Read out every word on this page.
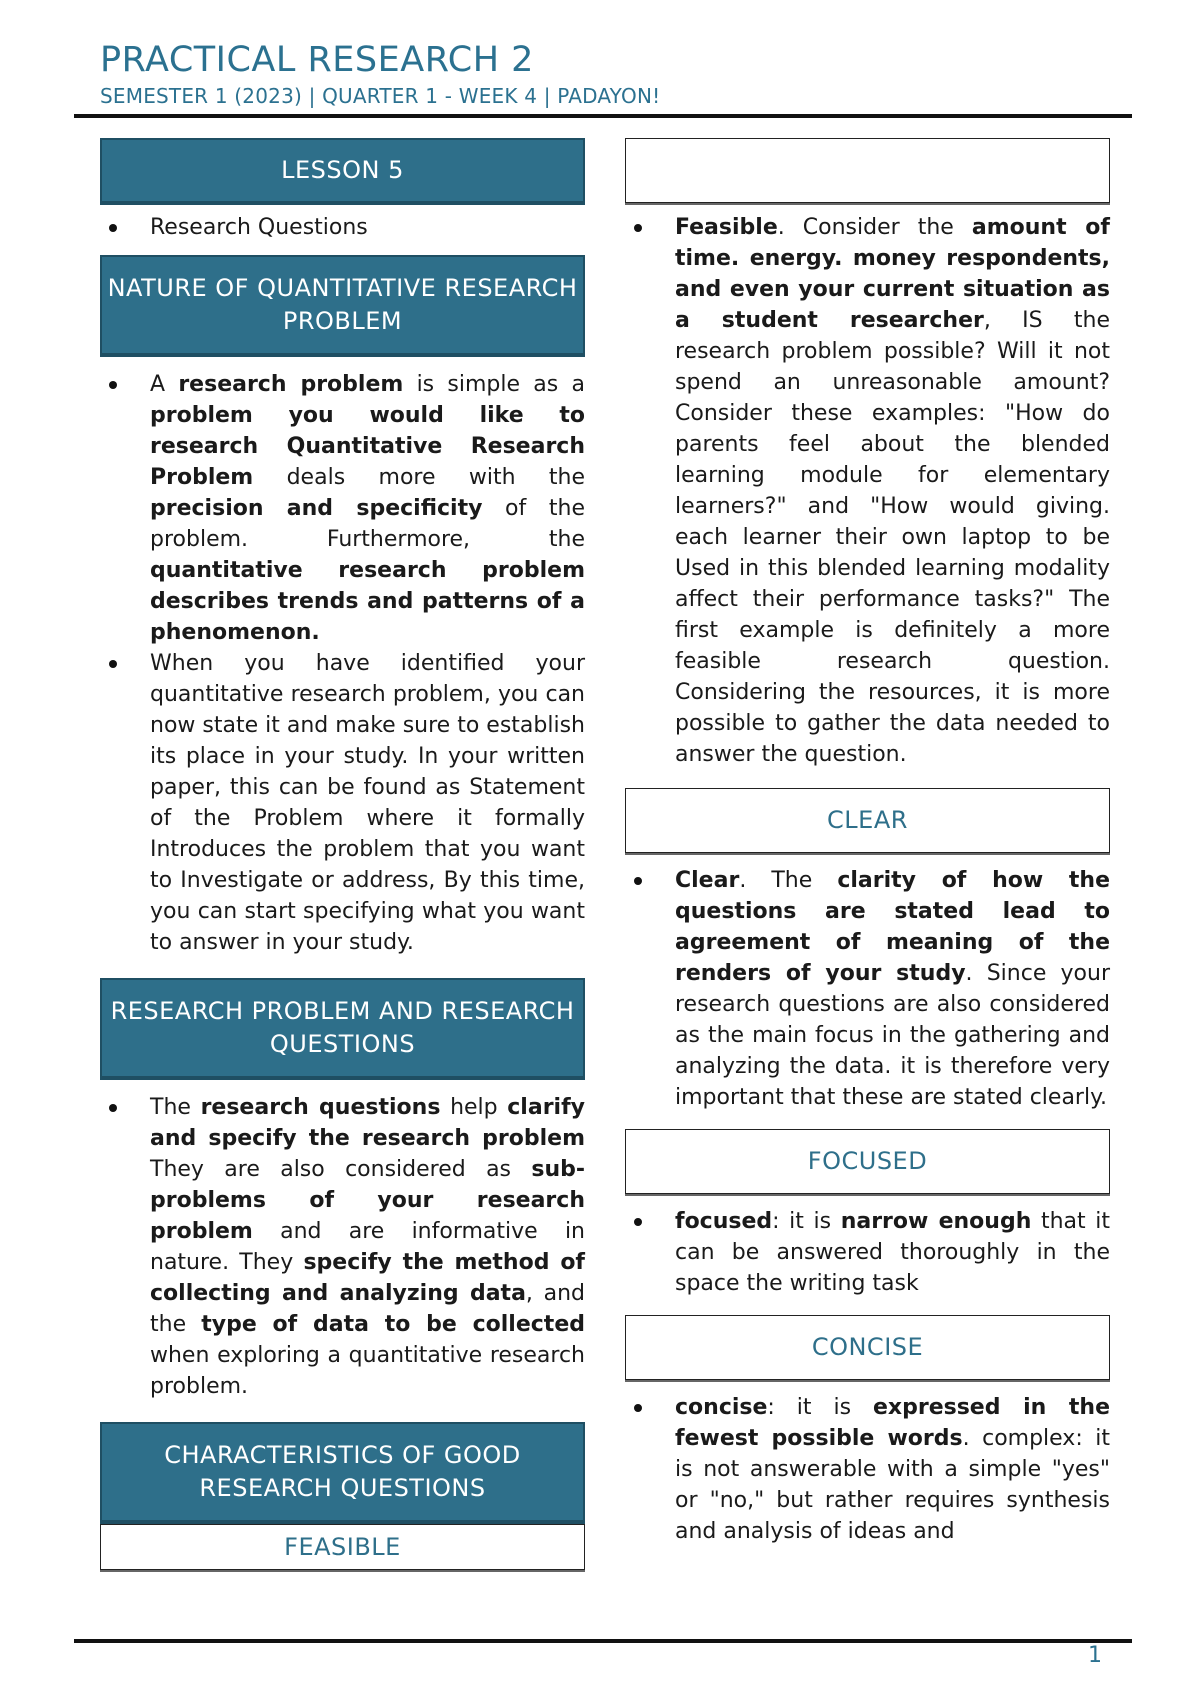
PRACTICAL RESEARCH 2
SEMESTER 1 (2023) | QUARTER 1 - WEEK 4 | PADAYON!
LESSON 5
Research Questions
NATURE OF QUANTITATIVE RESEARCH PROBLEM
A research problem is simple as a problem you would like to research Quantitative Research Problem deals more with the precision and specificity of the problem. Furthermore, the quantitative research problem describes trends and patterns of a phenomenon.
When you have identified your quantitative research problem, you can now state it and make sure to establish its place in your study. In your written paper, this can be found as Statement of the Problem where it formally Introduces the problem that you want to Investigate or address, By this time, you can start specifying what you want to answer in your study.
RESEARCH PROBLEM AND RESEARCH QUESTIONS
The research questions help clarify and specify the research problem They are also considered as sub-problems of your research problem and are informative in nature. They specify the method of collecting and analyzing data, and the type of data to be collected when exploring a quantitative research problem.
CHARACTERISTICS OF GOOD RESEARCH QUESTIONS
FEASIBLE
Feasible. Consider the amount of time. energy. money respondents, and even your current situation as a student researcher, IS the research problem possible? Will it not spend an unreasonable amount? Consider these examples: "How do parents feel about the blended learning module for elementary learners?" and "How would giving. each learner their own laptop to be Used in this blended learning modality affect their performance tasks?" The first example is definitely a more feasible research question. Considering the resources, it is more possible to gather the data needed to answer the question.
CLEAR
Clear. The clarity of how the questions are stated lead to agreement of meaning of the renders of your study. Since your research questions are also considered as the main focus in the gathering and analyzing the data. it is therefore very important that these are stated clearly.
FOCUSED
focused: it is narrow enough that it can be answered thoroughly in the space the writing task
CONCISE
concise: it is expressed in the fewest possible words. complex: it is not answerable with a simple "yes" or "no," but rather requires synthesis and analysis of ideas and
1
